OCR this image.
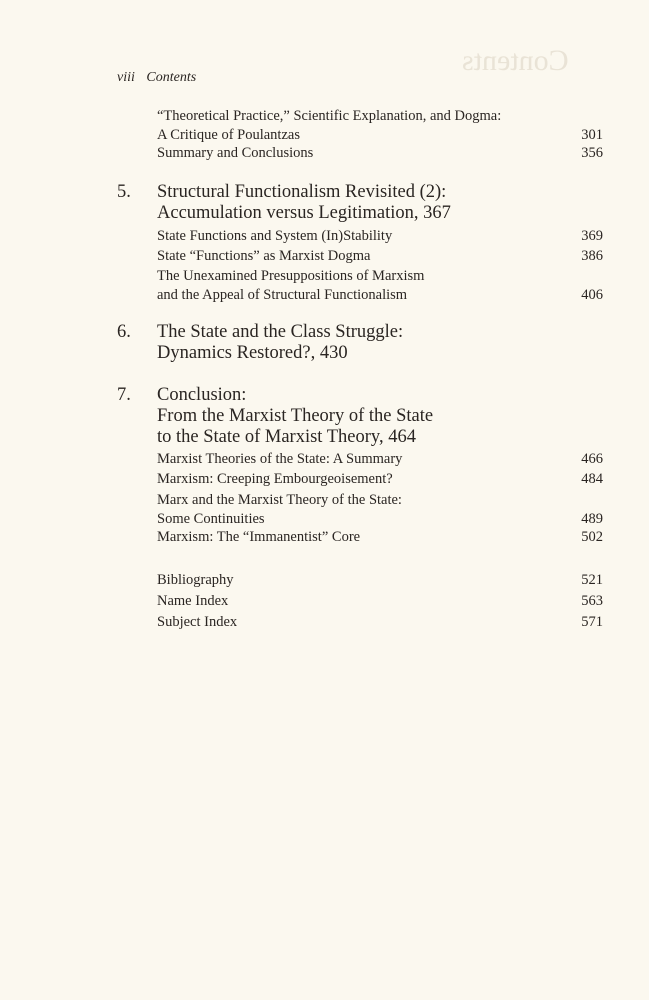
Contents
viii Contents
“Theoretical Practice,” Scientific Explanation, and Dogma:
A Critique of Poulantzas	301
Summary and Conclusions	356
5.	Structural Functionalism Revisited (2):
Accumulation versus Legitimation, 367
State Functions and System (In)Stability	369
State “Functions” as Marxist Dogma	386
The Unexamined Presuppositions of Marxism
and the Appeal of Structural Functionalism	406
6.	The State and the Class Struggle:
Dynamics Restored?, 430
7.	Conclusion:
From the Marxist Theory of the State
to the State of Marxist Theory, 464
Marxist Theories of the State: A Summary	466
Marxism: Creeping Embourgeoisement?	484
Marx and the Marxist Theory of the State:
Some Continuities	489
Marxism: The “Immanentist” Core	502
Bibliography	521
Name Index	563
Subject Index	571
